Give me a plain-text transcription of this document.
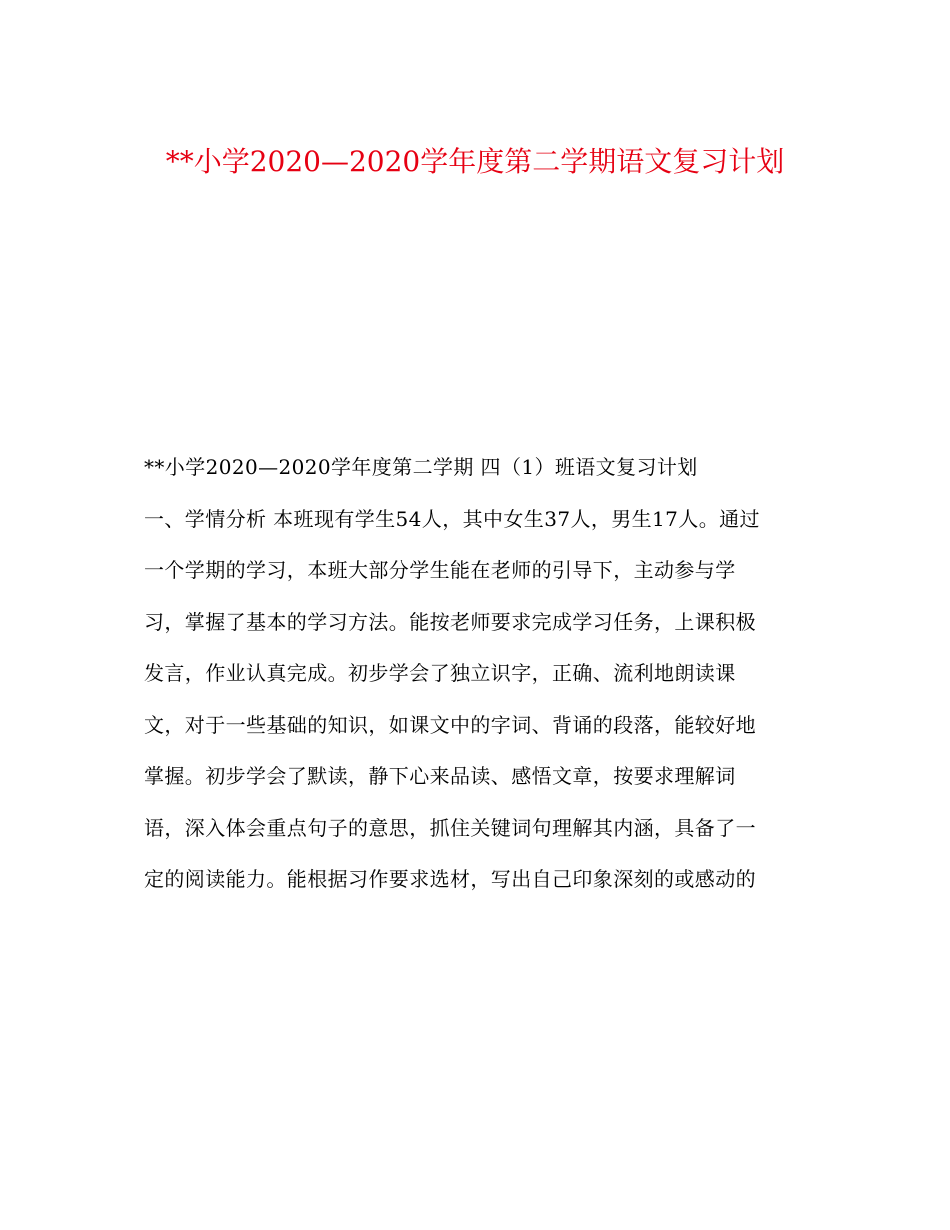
**小学2020—2020学年度第二学期语文复习计划
**小学2020—2020学年度第二学期 四（1）班语文复习计划
一、学情分析 本班现有学生54人，其中女生37人，男生17人。通过
一个学期的学习，本班大部分学生能在老师的引导下，主动参与学
习，掌握了基本的学习方法。能按老师要求完成学习任务，上课积极
发言，作业认真完成。初步学会了独立识字，正确、流利地朗读课
文，对于一些基础的知识，如课文中的字词、背诵的段落，能较好地
掌握。初步学会了默读，静下心来品读、感悟文章，按要求理解词
语，深入体会重点句子的意思，抓住关键词句理解其内涵，具备了一
定的阅读能力。能根据习作要求选材，写出自己印象深刻的或感动的
